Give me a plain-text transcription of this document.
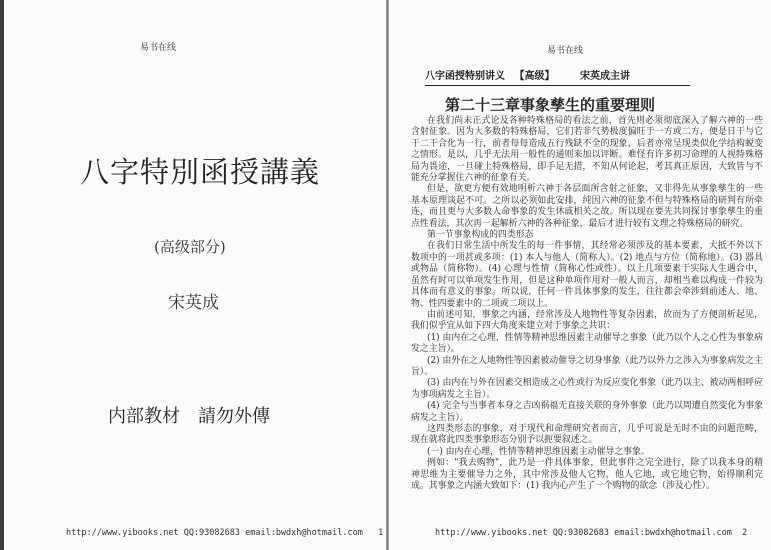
易书在线
八字特別函授講義
(高级部分)
宋英成
内部教材　請勿外傳
http://www.yibooks.net QQ:93082683 email:bwdxh@hotmail.com 1
易书在线
八字函授特别讲义 【高级】	宋英成主讲
第二十三章事象孳生的重要理则

在我们尚未正式论及各种特殊格局的看法之前，首先则必须彻底深入了解六神的一些含射征象。因为大多数的特殊格局，它们若非气势极度偏旺于一方或二方，便是日干与它干二干合化为一行，前者每每造成五行残缺不全的现象，后者亦常呈现类似化学结构蜕变之情形。是以，几乎无法用一般性的通则来加以评断。难怪有许多初习命理的人视特殊格局为畏途，一旦碰上特殊格局，即手足无措，不知从何论起，考其真正原因，大致皆与不能充分掌握住六神的征象有关。

但是，欲更方便有效地明析六神于各层面所含射之征象，又非得先从事象孳生的一些基本原理谈起不可。之所以必须如此安排，纯因六神的征象不但与特殊格局的研判有所牵连，而且更与大多数人命事象的发生休戚相关之故。所以现在要先共同探讨事象孳生的重点性看法，其次再一起解析六神的各种征象，最后才进行较有文理之特殊格局的研究。

第一节事象构成的四类形态

在我们日常生活中所发生的每一件事情，其经常必须涉及的基本要素，大抵不外以下数项中的一项甚或多项：(1) 本人与他人（简称人）。(2) 地点与方位（简称地）。(3) 器具或物品（简称物）。(4) 心理与性情（简称心性或性）。以上几项要素于实际人生遇合中，虽然有时可以单项发生作用，但是这种单项作用对一般人而言，却相当难以构成一件较为具体而有意义的事象。所以说，任何一件具体事象的发生，往往都会牵涉到前述人、地、物、性四要素中的二项或二项以上。

由前述可知，事象之内涵，经常涉及人地物性等复杂因素，故而为了方便剖析起见，我们似乎宜从如下四大角度来建立对于事象之共识：

(1) 由内在之心理，性情等精神思维因素主动催导之事象（此乃以个人之心性为事象病发之主旨）。

(2) 由外在之人地物性等因素被动催导之切身事象（此乃以外力之涉入为事象病发之主旨）。

(3) 由内在与外在因素交相造成之心性或行为反应变化事象（此乃以主、被动两相呼应为事项病发之主旨）。

(4) 完全与当事者本身之吉凶祸福无直接关联的身外事象（此乃以周遭自然变化为事象病发之主旨）。

这四类形态的事象，对于现代和命理研究者而言，几乎可说是无时不由的问题范畴，现在就将此四类事象形态分别予以扼要叙述之。

(一) 由内在心理，性情等精神思维因素主动催导之事象。

例如："我去购物"，此乃是一件具体事象，但此事件之完全进行，除了以我本身的精神思维为主要催导力之外，其中常涉及他人它物，他人它地，或它地它物，始得顺利完成。其事象之内涵大致如下：(1) 我内心产生了一个购物的欲念（涉及心性）。

http://www.yibooks.net QQ:93082683 email:bwdxh@hotmail.com 2
